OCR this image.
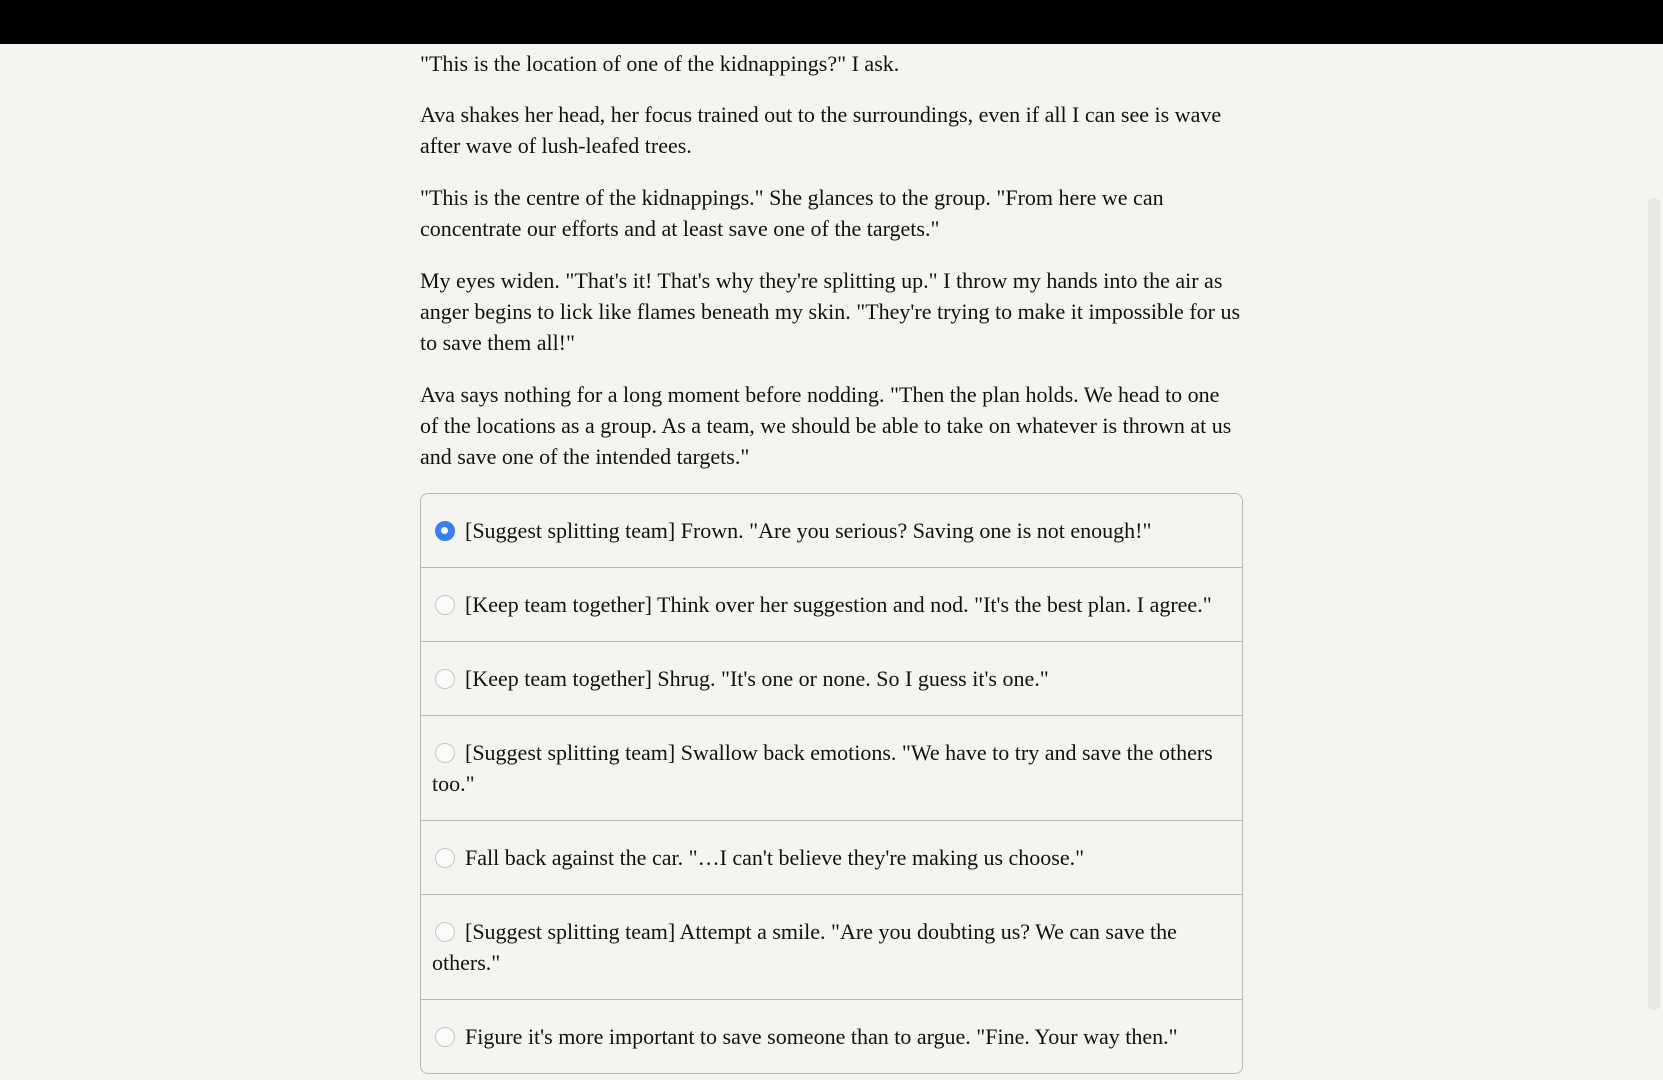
"This is the location of one of the kidnappings?" I ask.

Ava shakes her head, her focus trained out to the surroundings, even if all I can see is wave after wave of lush-leafed trees.

"This is the centre of the kidnappings." She glances to the group. "From here we can concentrate our efforts and at least save one of the targets."

My eyes widen. "That's it! That's why they're splitting up." I throw my hands into the air as anger begins to lick like flames beneath my skin. "They're trying to make it impossible for us to save them all!"

Ava says nothing for a long moment before nodding. "Then the plan holds. We head to one of the locations as a group. As a team, we should be able to take on whatever is thrown at us and save one of the intended targets."

[Suggest splitting team] Frown. "Are you serious? Saving one is not enough!"
[Keep team together] Think over her suggestion and nod. "It's the best plan. I agree."
[Keep team together] Shrug. "It's one or none. So I guess it's one."
[Suggest splitting team] Swallow back emotions. "We have to try and save the others too."
Fall back against the car. "…I can't believe they're making us choose."
[Suggest splitting team] Attempt a smile. "Are you doubting us? We can save the others."
Figure it's more important to save someone than to argue. "Fine. Your way then."
